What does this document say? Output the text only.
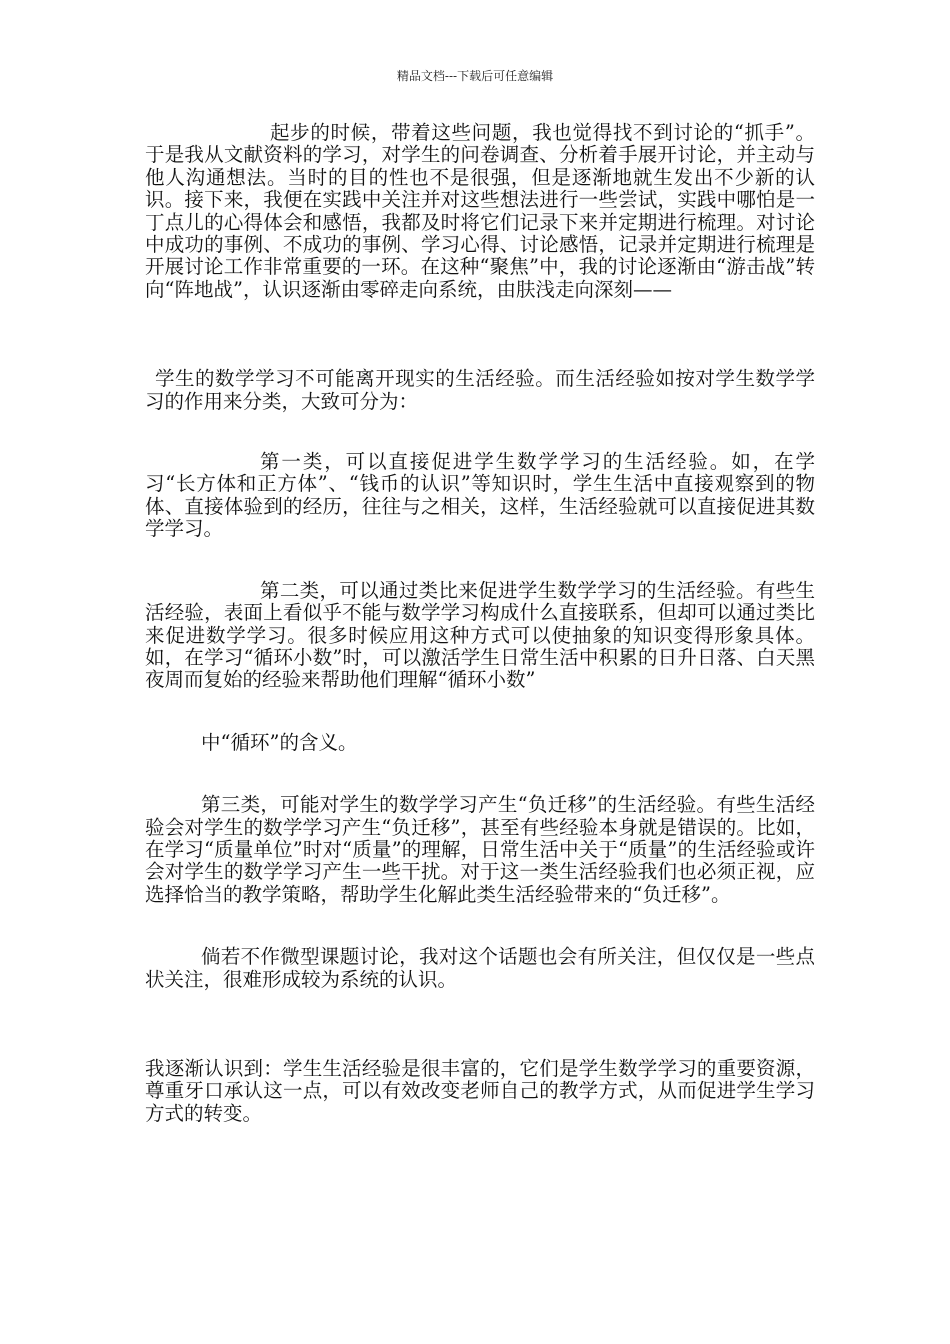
精品文档---下载后可任意编辑

起步的时候，带着这些问题，我也觉得找不到讨论的“抓手”。于是我从文献资料的学习，对学生的问卷调查、分析着手展开讨论，并主动与他人沟通想法。当时的目的性也不是很强，但是逐渐地就生发出不少新的认识。接下来，我便在实践中关注并对这些想法进行一些尝试，实践中哪怕是一丁点儿的心得体会和感悟，我都及时将它们记录下来并定期进行梳理。对讨论中成功的事例、不成功的事例、学习心得、讨论感悟，记录并定期进行梳理是开展讨论工作非常重要的一环。在这种“聚焦”中，我的讨论逐渐由“游击战”转向“阵地战”，认识逐渐由零碎走向系统，由肤浅走向深刻——

学生的数学学习不可能离开现实的生活经验。而生活经验如按对学生数学学习的作用来分类，大致可分为：

第一类，可以直接促进学生数学学习的生活经验。如，在学习“长方体和正方体”、“钱币的认识”等知识时，学生生活中直接观察到的物体、直接体验到的经历，往往与之相关，这样，生活经验就可以直接促进其数学学习。

第二类，可以通过类比来促进学生数学学习的生活经验。有些生活经验，表面上看似乎不能与数学学习构成什么直接联系，但却可以通过类比来促进数学学习。很多时候应用这种方式可以使抽象的知识变得形象具体。如，在学习“循环小数”时，可以激活学生日常生活中积累的日升日落、白天黑夜周而复始的经验来帮助他们理解“循环小数”

中“循环”的含义。

第三类，可能对学生的数学学习产生“负迁移”的生活经验。有些生活经验会对学生的数学学习产生“负迁移”，甚至有些经验本身就是错误的。比如，在学习“质量单位”时对“质量”的理解，日常生活中关于“质量”的生活经验或许会对学生的数学学习产生一些干扰。对于这一类生活经验我们也必须正视，应选择恰当的教学策略，帮助学生化解此类生活经验带来的“负迁移”。

倘若不作微型课题讨论，我对这个话题也会有所关注，但仅仅是一些点状关注，很难形成较为系统的认识。

我逐渐认识到：学生生活经验是很丰富的，它们是学生数学学习的重要资源，尊重牙口承认这一点，可以有效改变老师自己的教学方式，从而促进学生学习方式的转变。
